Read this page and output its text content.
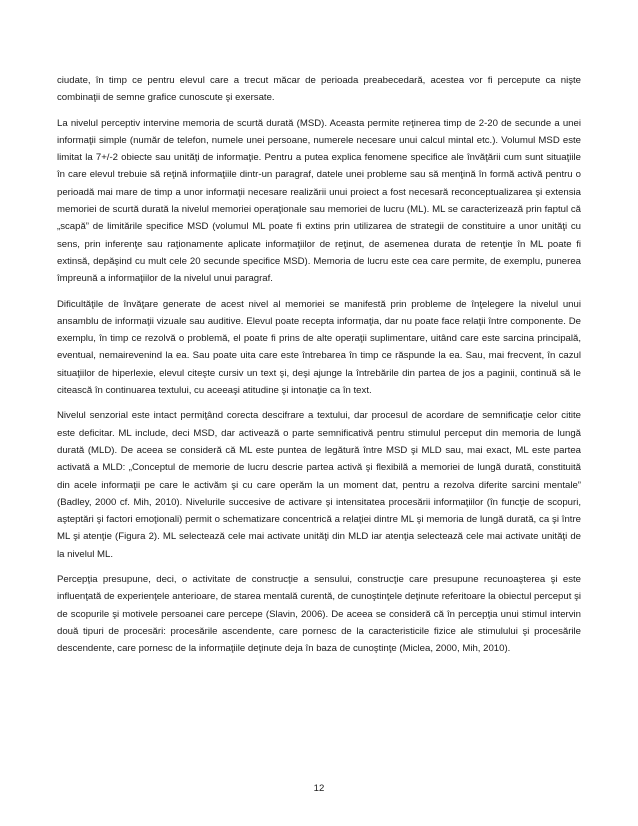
ciudate, în timp ce pentru elevul care a trecut măcar de perioada preabecedară, acestea vor fi percepute ca nişte combinaţii de semne grafice cunoscute şi exersate.

La nivelul perceptiv intervine memoria de scurtă durată (MSD). Aceasta permite reţinerea timp de 2-20 de secunde a unei informaţii simple (număr de telefon, numele unei persoane, numerele necesare unui calcul mintal etc.). Volumul MSD este limitat la 7+/-2 obiecte sau unităţi de informaţie. Pentru a putea explica fenomene specifice ale învăţării cum sunt situaţiile în care elevul trebuie să reţină informaţiile dintr-un paragraf, datele unei probleme sau să menţină în formă activă pentru o perioadă mai mare de timp a unor informaţii necesare realizării unui proiect a fost necesară reconceptualizarea şi extensia memoriei de scurtă durată la nivelul memoriei operaţionale sau memoriei de lucru (ML). ML se caracterizează prin faptul că „scapă” de limitările specifice MSD (volumul ML poate fi extins prin utilizarea de strategii de constituire a unor unităţi cu sens, prin inferenţe sau raţionamente aplicate informaţiilor de reţinut, de asemenea durata de retenţie în ML poate fi extinsă, depăşind cu mult cele 20 secunde specifice MSD). Memoria de lucru este cea care permite, de exemplu, punerea împreună a informaţiilor de la nivelul unui paragraf.

Dificultăţile de învăţare generate de acest nivel al memoriei se manifestă prin probleme de înţelegere la nivelul unui ansamblu de informaţii vizuale sau auditive. Elevul poate recepta informaţia, dar nu poate face relaţii între componente. De exemplu, în timp ce rezolvă o problemă, el poate fi prins de alte operaţii suplimentare, uitând care este sarcina principală, eventual, nemairevenind la ea. Sau poate uita care este întrebarea în timp ce răspunde la ea. Sau, mai frecvent, în cazul situaţiilor de hiperlexie, elevul citeşte cursiv un text şi, deşi ajunge la întrebările din partea de jos a paginii, continuă să le citească în continuarea textului, cu aceeaşi atitudine şi intonaţie ca în text.

Nivelul senzorial este intact permiţând corecta descifrare a textului, dar procesul de acordare de semnificaţie celor citite este deficitar. ML include, deci MSD, dar activează o parte semnificativă pentru stimulul perceput din memoria de lungă durată (MLD). De aceea se consideră că ML este puntea de legătură între MSD şi MLD sau, mai exact, ML este partea activată a MLD: „Conceptul de memorie de lucru descrie partea activă şi flexibilă a memoriei de lungă durată, constituită din acele informaţii pe care le activăm şi cu care operăm la un moment dat, pentru a rezolva diferite sarcini mentale” (Badley, 2000 cf. Mih, 2010). Nivelurile succesive de activare şi intensitatea procesării informaţiilor (în funcţie de scopuri, aşteptări şi factori emoţionali) permit o schematizare concentrică a relaţiei dintre ML şi memoria de lungă durată, ca şi între ML şi atenţie (Figura 2). ML selectează cele mai activate unităţi din MLD iar atenţia selectează cele mai activate unităţi de la nivelul ML.

Percepţia presupune, deci, o activitate de construcţie a sensului, construcţie care presupune recunoaşterea şi este influenţată de experienţele anterioare, de starea mentală curentă, de cunoştinţele deţinute referitoare la obiectul perceput şi de scopurile şi motivele persoanei care percepe (Slavin, 2006). De aceea se consideră că în percepţia unui stimul intervin două tipuri de procesări: procesările ascendente, care pornesc de la caracteristicile fizice ale stimulului şi procesările descendente, care pornesc de la informaţiile deţinute deja în baza de cunoştinţe (Miclea, 2000, Mih, 2010).

12
